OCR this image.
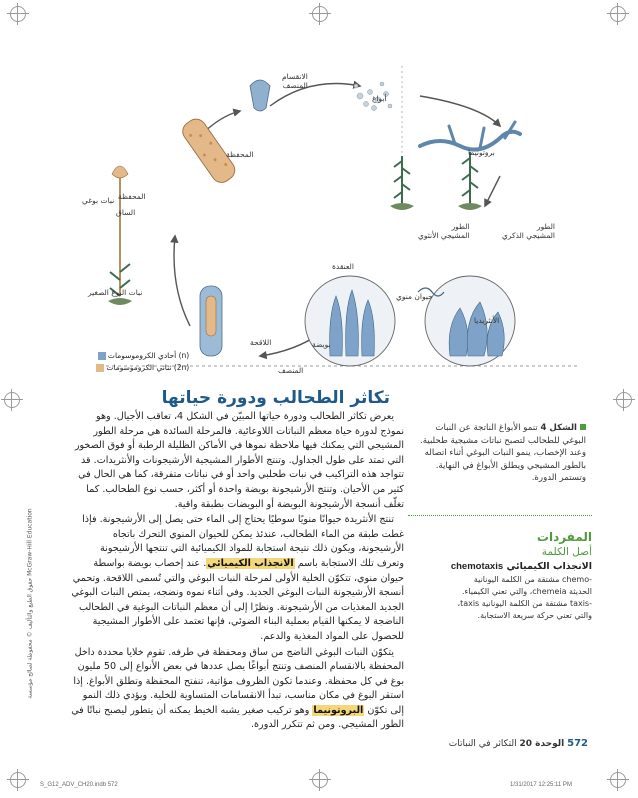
الانقسام
المنصف
أبواغ
بروتونيما
المحفظة
المحفظة
نبات بوغي
الساق
نبات البوغ الصغير
الطور
المشيجي الأنثوي
الطور
المشيجي الذكري
العنقدة
حيوان منوي
الأنثريديا
بويضة
اللاقحة
المنصف
(n) أحادي الكروموسومات
(2n) ثنائي الكروموسومات
الشكل 4 تنمو الأبواغ الناتجة عن النبات البوغي للطحالب لتصبح نباتات مشيجية طحلبية. وعند الإخصاب، ينمو النبات البوغي أثناء اتصاله بالطور المشيجي ويطلق الأبواغ في النهاية. وتستمر الدورة.
تكاثر الطحالب ودورة حياتها

يعرض تكاثر الطحالب ودورة حياتها المبيّن في الشكل 4، تعاقب الأجيال. وهو نموذج لدورة حياة معظم النباتات اللاوعائية. فالمرحلة السائدة هي مرحلة الطور المشيجي التي يمكنك فيها ملاحظة نموها في الأماكن الظليلة الرطبة أو فوق الصخور التي تمتد على طول الجداول. وتنتج الأطوار المشيجية الأرشيجونات والأنثريدات. قد تتواجد هذه التراكيب في نبات طحلبي واحد أو في نباتات متفرقة، كما هي الحال في كثير من الأحيان. وتنتج الأرشيجونة بويضة واحدة أو أكثر، حسب نوع الطحالب. كما تغلّف أنسجة الأرشيجونة البويضة أو البويضات بطبقة واقية.

تنتج الأنثريدة حيوانًا منويًا سوطيًا يحتاج إلى الماء حتى يصل إلى الأرشيجونة. فإذا غطت طبقة من الماء الطحالب، عندئذ يمكن للحيوان المنوي التحرك باتجاه الأرشيجونة، ويكون ذلك نتيجة استجابة للمواد الكيميائية التي تنتجها الأرشيجونة وتعرف تلك الاستجابة باسم الانجذاب الكيميائي. عند إخصاب بويضة بواسطة حيوان منوي، تتكوّن الخلية الأولى لمرحلة النبات البوغي والتي تُسمى اللاقحة. وتحمي أنسجة الأرشيجونة النبات البوغي الجديد. وفي أثناء نموه ونضجه، يمتص النبات البوغي الجديد المغذيات من الأرشيجونة. ونظرًا إلى أن معظم النباتات البوغية في الطحالب الناضجة لا يمكنها القيام بعملية البناء الضوئي، فإنها تعتمد على الأطوار المشيجية للحصول على المواد المغذية والدعم.

يتكوّن النبات البوغي الناضج من ساق ومحفظة في طرفه. تقوم خلايا محددة داخل المحفظة بالانقسام المنصف وتنتج أبواغًا يصل عددها في بعض الأنواع إلى 50 مليون بوغ في كل محفظة. وعندما تكون الظروف مؤاتية، تنفتح المحفظة وتطلق الأبواغ. إذا استقر البوغ في مكان مناسب، تبدأ الانقسامات المتساوية للخلية. ويؤدي ذلك النمو إلى تكوّن البروتونيما وهو تركيب صغير يشبه الخيط يمكنه أن يتطور ليصبح نباتًا في الطور المشيجي. ومن ثم تتكرر الدورة.

حقوق الطبع والتأليف © محفوظة لصالح مؤسسة McGraw-Hill Education	المفردات
أصل الكلمة
الانجذاب الكيميائي chemotaxis
-chemo مشتقة من الكلمة اليونانية
الحديثة chemeia، والتي تعني الكيمياء.
-taxis مشتقة من الكلمة اليونانية taxis،
والتي تعني حركة سريعة الاستجابة.
572 الوحدة 20 التكاثر في النباتات
S_G12_ADV_CH20.indb 572	1/31/2017 12:25:11 PM
